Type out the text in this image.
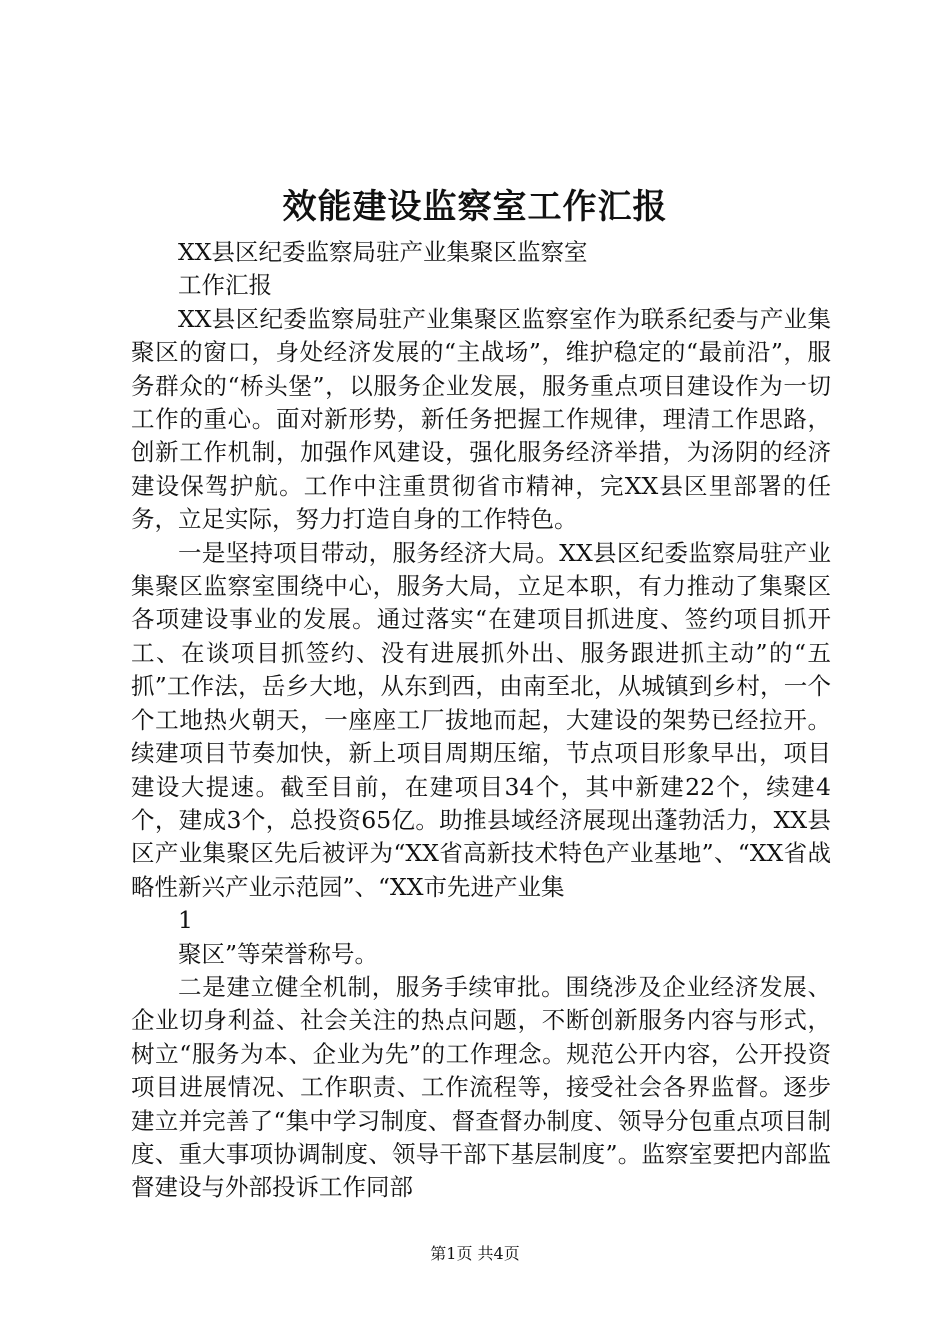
效能建设监察室工作汇报

XX县区纪委监察局驻产业集聚区监察室

工作汇报

XX县区纪委监察局驻产业集聚区监察室作为联系纪委与产业集聚区的窗口，身处经济发展的“主战场”，维护稳定的“最前沿”，服务群众的“桥头堡”，以服务企业发展，服务重点项目建设作为一切工作的重心。面对新形势，新任务把握工作规律，理清工作思路，创新工作机制，加强作风建设，强化服务经济举措，为汤阴的经济建设保驾护航。工作中注重贯彻省市精神，完XX县区里部署的任务，立足实际，努力打造自身的工作特色。

一是坚持项目带动，服务经济大局。XX县区纪委监察局驻产业集聚区监察室围绕中心，服务大局，立足本职，有力推动了集聚区各项建设事业的发展。通过落实“在建项目抓进度、签约项目抓开工、在谈项目抓签约、没有进展抓外出、服务跟进抓主动”的“五抓”工作法，岳乡大地，从东到西，由南至北，从城镇到乡村，一个个工地热火朝天，一座座工厂拔地而起，大建设的架势已经拉开。续建项目节奏加快，新上项目周期压缩，节点项目形象早出，项目建设大提速。截至目前，在建项目34个，其中新建22个，续建4个，建成3个，总投资65亿。助推县域经济展现出蓬勃活力，XX县区产业集聚区先后被评为“XX省高新技术特色产业基地”、“XX省战略性新兴产业示范园”、“XX市先进产业集

1

聚区”等荣誉称号。

二是建立健全机制，服务手续审批。围绕涉及企业经济发展、企业切身利益、社会关注的热点问题，不断创新服务内容与形式，树立“服务为本、企业为先”的工作理念。规范公开内容，公开投资项目进展情况、工作职责、工作流程等，接受社会各界监督。逐步建立并完善了“集中学习制度、督查督办制度、领导分包重点项目制度、重大事项协调制度、领导干部下基层制度”。监察室要把内部监督建设与外部投诉工作同部

第1页 共4页
